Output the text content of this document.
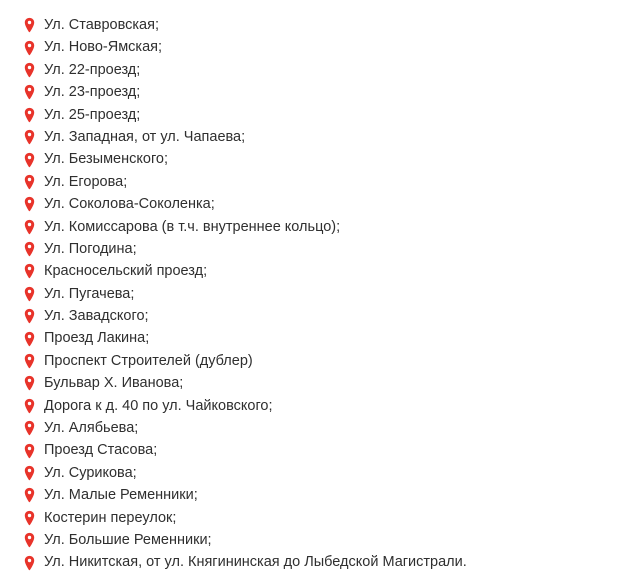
Ул. Ставровская;
Ул. Ново-Ямская;
Ул. 22-проезд;
Ул. 23-проезд;
Ул. 25-проезд;
Ул. Западная, от ул. Чапаева;
Ул. Безыменского;
Ул. Егорова;
Ул. Соколова-Соколенка;
Ул. Комиссарова (в т.ч. внутреннее кольцо);
Ул. Погодина;
Красносельский проезд;
Ул. Пугачева;
Ул. Завадского;
Проезд Лакина;
Проспект Строителей (дублер)
Бульвар Х. Иванова;
Дорога к д. 40 по ул. Чайковского;
Ул. Алябьева;
Проезд Стасова;
Ул. Сурикова;
Ул. Малые Ременники;
Костерин переулок;
Ул. Большие Ременники;
Ул. Никитская, от ул. Княгининская до Лыбедской Магистрали.
